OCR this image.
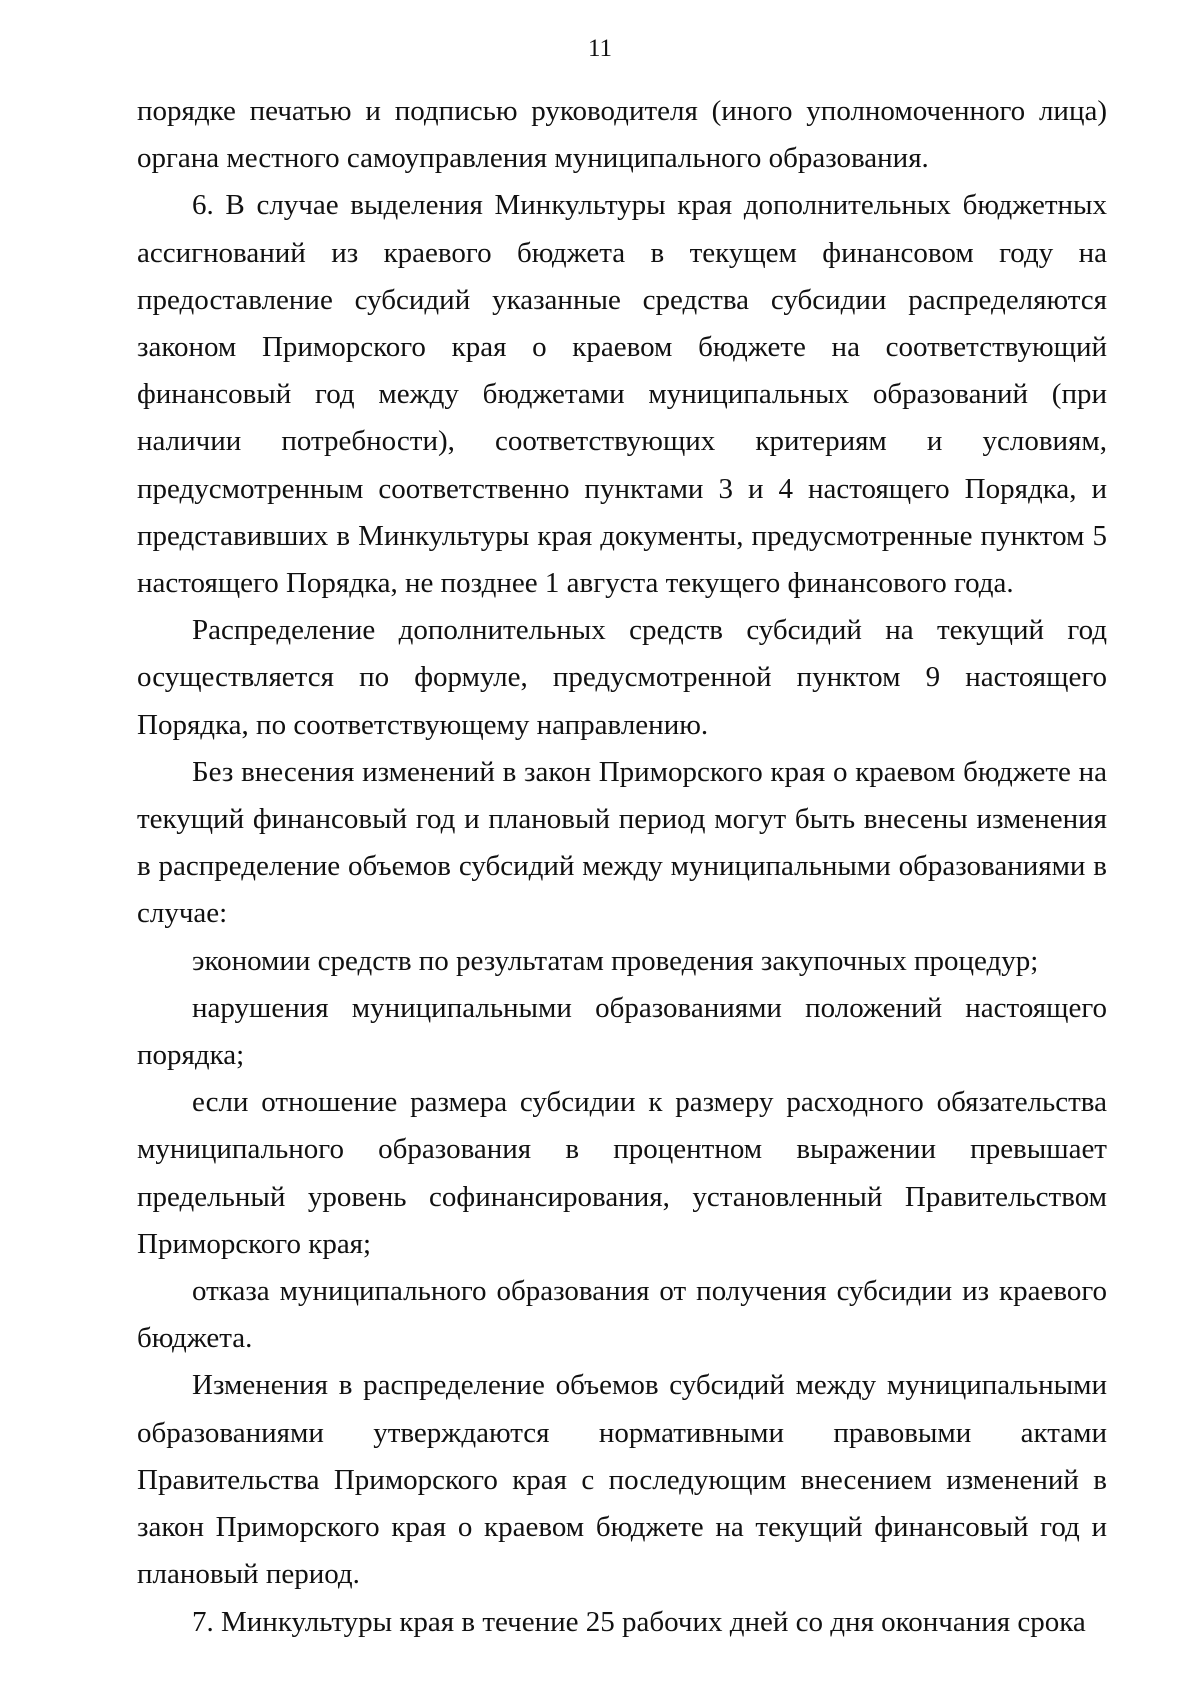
11

порядке печатью и подписью руководителя (иного уполномоченного лица) органа местного самоуправления муниципального образования.

6. В случае выделения Минкультуры края дополнительных бюджетных ассигнований из краевого бюджета в текущем финансовом году на предоставление субсидий указанные средства субсидии распределяются законом Приморского края о краевом бюджете на соответствующий финансовый год между бюджетами муниципальных образований (при наличии потребности), соответствующих критериям и условиям, предусмотренным соответственно пунктами 3 и 4 настоящего Порядка, и представивших в Минкультуры края документы, предусмотренные пунктом 5 настоящего Порядка, не позднее 1 августа текущего финансового года.

Распределение дополнительных средств субсидий на текущий год осуществляется по формуле, предусмотренной пунктом 9 настоящего Порядка, по соответствующему направлению.

Без внесения изменений в закон Приморского края о краевом бюджете на текущий финансовый год и плановый период могут быть внесены изменения в распределение объемов субсидий между муниципальными образованиями в случае:

экономии средств по результатам проведения закупочных процедур;

нарушения муниципальными образованиями положений настоящего порядка;

если отношение размера субсидии к размеру расходного обязательства муниципального образования в процентном выражении превышает предельный уровень софинансирования, установленный Правительством Приморского края;

отказа муниципального образования от получения субсидии из краевого бюджета.

Изменения в распределение объемов субсидий между муниципальными образованиями утверждаются нормативными правовыми актами Правительства Приморского края с последующим внесением изменений в закон Приморского края о краевом бюджете на текущий финансовый год и плановый период.

7. Минкультуры края в течение 25 рабочих дней со дня окончания срока
